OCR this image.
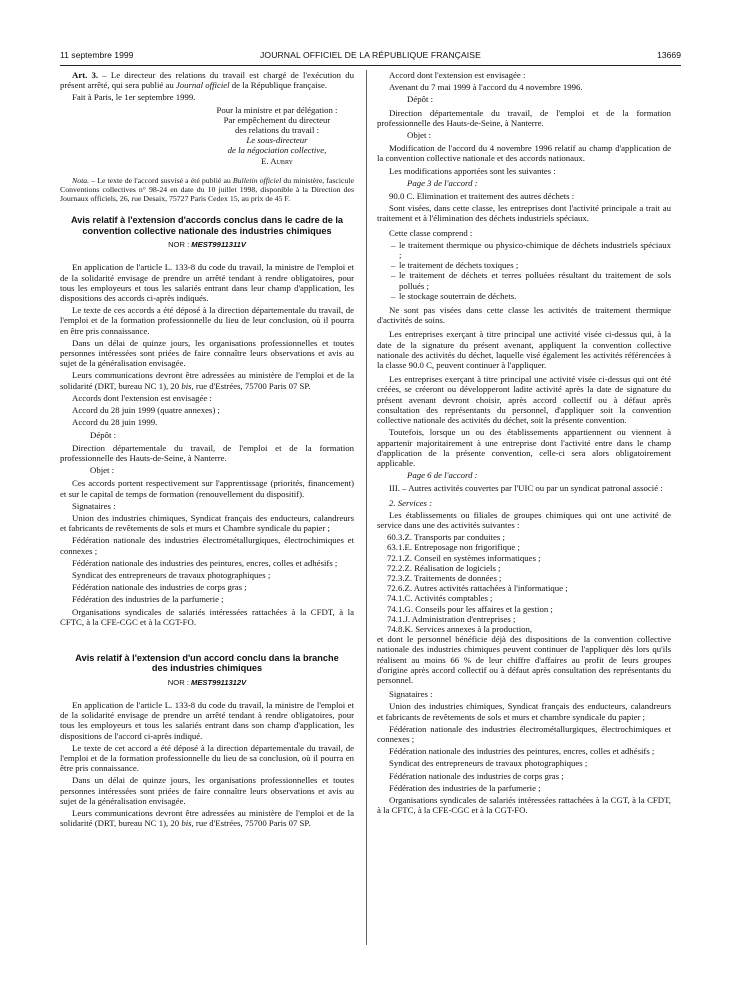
11 septembre 1999	JOURNAL OFFICIEL DE LA RÉPUBLIQUE FRANÇAISE	13669

Art. 3. – Le directeur des relations du travail est chargé de l'exécution du présent arrêté, qui sera publié au Journal officiel de la République française.

Fait à Paris, le 1er septembre 1999.

Pour la ministre et par délégation :
Par empêchement du directeur
des relations du travail :
Le sous-directeur
de la négociation collective,
E. Aubry

Nota. – Le texte de l'accord susvisé a été publié au Bulletin officiel du ministère, fascicule Conventions collectives n° 98-24 en date du 10 juillet 1998, disponible à la Direction des Journaux officiels, 26, rue Desaix, 75727 Paris Cedex 15, au prix de 45 F.

Avis relatif à l'extension d'accords conclus dans le cadre de la convention collective nationale des industries chimiques
NOR : MEST9911311V

En application de l'article L. 133-8 du code du travail, la ministre de l'emploi et de la solidarité envisage de prendre un arrêté tendant à rendre obligatoires, pour tous les employeurs et tous les salariés entrant dans leur champ d'application, les dispositions des accords ci-après indiqués.

Le texte de ces accords a été déposé à la direction départementale du travail, de l'emploi et de la formation professionnelle du lieu de leur conclusion, où il pourra en être pris connaissance.

Dans un délai de quinze jours, les organisations professionnelles et toutes personnes intéressées sont priées de faire connaître leurs observations et avis au sujet de la généralisation envisagée.

Leurs communications devront être adressées au ministère de l'emploi et de la solidarité (DRT, bureau NC 1), 20 bis, rue d'Estrées, 75700 Paris 07 SP.

Accords dont l'extension est envisagée :

Accord du 28 juin 1999 (quatre annexes) ;

Accord du 28 juin 1999.

Dépôt :

Direction départementale du travail, de l'emploi et de la formation professionnelle des Hauts-de-Seine, à Nanterre.

Objet :

Ces accords portent respectivement sur l'apprentissage (priorités, financement) et sur le capital de temps de formation (renouvellement du dispositif).

Signataires :

Union des industries chimiques, Syndicat français des enducteurs, calandreurs et fabricants de revêtements de sols et murs et Chambre syndicale du papier ;

Fédération nationale des industries électrométallurgiques, électrochimiques et connexes ;

Fédération nationale des industries des peintures, encres, colles et adhésifs ;

Syndicat des entrepreneurs de travaux photographiques ;

Fédération nationale des industries de corps gras ;

Fédération des industries de la parfumerie ;

Organisations syndicales de salariés intéressées rattachées à la CFDT, à la CFTC, à la CFE-CGC et à la CGT-FO.

Avis relatif à l'extension d'un accord conclu dans la branche des industries chimiques
NOR : MEST9911312V

En application de l'article L. 133-8 du code du travail, la ministre de l'emploi et de la solidarité envisage de prendre un arrêté tendant à rendre obligatoires, pour tous les employeurs et tous les salariés entrant dans son champ d'application, les dispositions de l'accord ci-après indiqué.

Le texte de cet accord a été déposé à la direction départementale du travail, de l'emploi et de la formation professionnelle du lieu de sa conclusion, où il pourra en être pris connaissance.

Dans un délai de quinze jours, les organisations professionnelles et toutes personnes intéressées sont priées de faire connaître leurs observations et avis au sujet de la généralisation envisagée.

Leurs communications devront être adressées au ministère de l'emploi et de la solidarité (DRT, bureau NC 1), 20 bis, rue d'Estrées, 75700 Paris 07 SP.

Accord dont l'extension est envisagée :

Avenant du 7 mai 1999 à l'accord du 4 novembre 1996.

Dépôt :

Direction départementale du travail, de l'emploi et de la formation professionnelle des Hauts-de-Seine, à Nanterre.

Objet :

Modification de l'accord du 4 novembre 1996 relatif au champ d'application de la convention collective nationale et des accords nationaux.

Les modifications apportées sont les suivantes :

Page 3 de l'accord :

90.0 C. Elimination et traitement des autres déchets :

Sont visées, dans cette classe, les entreprises dont l'activité principale a trait au traitement et à l'élimination des déchets industriels spéciaux.

Cette classe comprend :

– le traitement thermique ou physico-chimique de déchets industriels spéciaux ;

– le traitement de déchets toxiques ;

– le traitement de déchets et terres polluées résultant du traitement de sols pollués ;

– le stockage souterrain de déchets.

Ne sont pas visées dans cette classe les activités de traitement thermique d'activités de soins.

Les entreprises exerçant à titre principal une activité visée ci-dessus qui, à la date de la signature du présent avenant, appliquent la convention collective nationale des activités du déchet, laquelle visé également les activités référencées à la classe 90.0 C, peuvent continuer à l'appliquer.

Les entreprises exerçant à titre principal une activité visée ci-dessus qui ont été créées, se créeront ou développeront ladite activité après la date de signature du présent avenant devront choisir, après accord collectif ou à défaut après consultation des représentants du personnel, d'appliquer soit la convention collective nationale des activités du déchet, soit la présente convention.

Toutefois, lorsque un ou des établissements appartiennent ou viennent à appartenir majoritairement à une entreprise dont l'activité entre dans le champ d'application de la présente convention, celle-ci sera alors obligatoirement applicable.

Page 6 de l'accord :

III. – Autres activités couvertes par l'UIC ou par un syndicat patronal associé :

2. Services :

Les établissements ou filiales de groupes chimiques qui ont une activité de service dans une des activités suivantes :

60.3.Z. Transports par conduites ;

63.1.E. Entreposage non frigorifique ;

72.1.Z. Conseil en systèmes informatiques ;

72.2.Z. Réalisation de logiciels ;

72.3.Z. Traitements de données ;

72.6.Z. Autres activités rattachées à l'informatique ;

74.1.C. Activités comptables ;

74.1.G. Conseils pour les affaires et la gestion ;

74.1.J. Administration d'entreprises ;

74.8.K. Services annexes à la production,

et dont le personnel bénéficie déjà des dispositions de la convention collective nationale des industries chimiques peuvent continuer de l'appliquer dès lors qu'ils réalisent au moins 66 % de leur chiffre d'affaires au profit de leurs groupes d'origine après accord collectif ou à défaut après consultation des représentants du personnel.

Signataires :

Union des industries chimiques, Syndicat français des enducteurs, calandreurs et fabricants de revêtements de sols et murs et chambre syndicale du papier ;

Fédération nationale des industries électrométallurgiques, électrochimiques et connexes ;

Fédération nationale des industries des peintures, encres, colles et adhésifs ;

Syndicat des entrepreneurs de travaux photographiques ;

Fédération nationale des industries de corps gras ;

Fédération des industries de la parfumerie ;

Organisations syndicales de salariés intéressées rattachées à la CGT, à la CFDT, à la CFTC, à la CFE-CGC et à la CGT-FO.
